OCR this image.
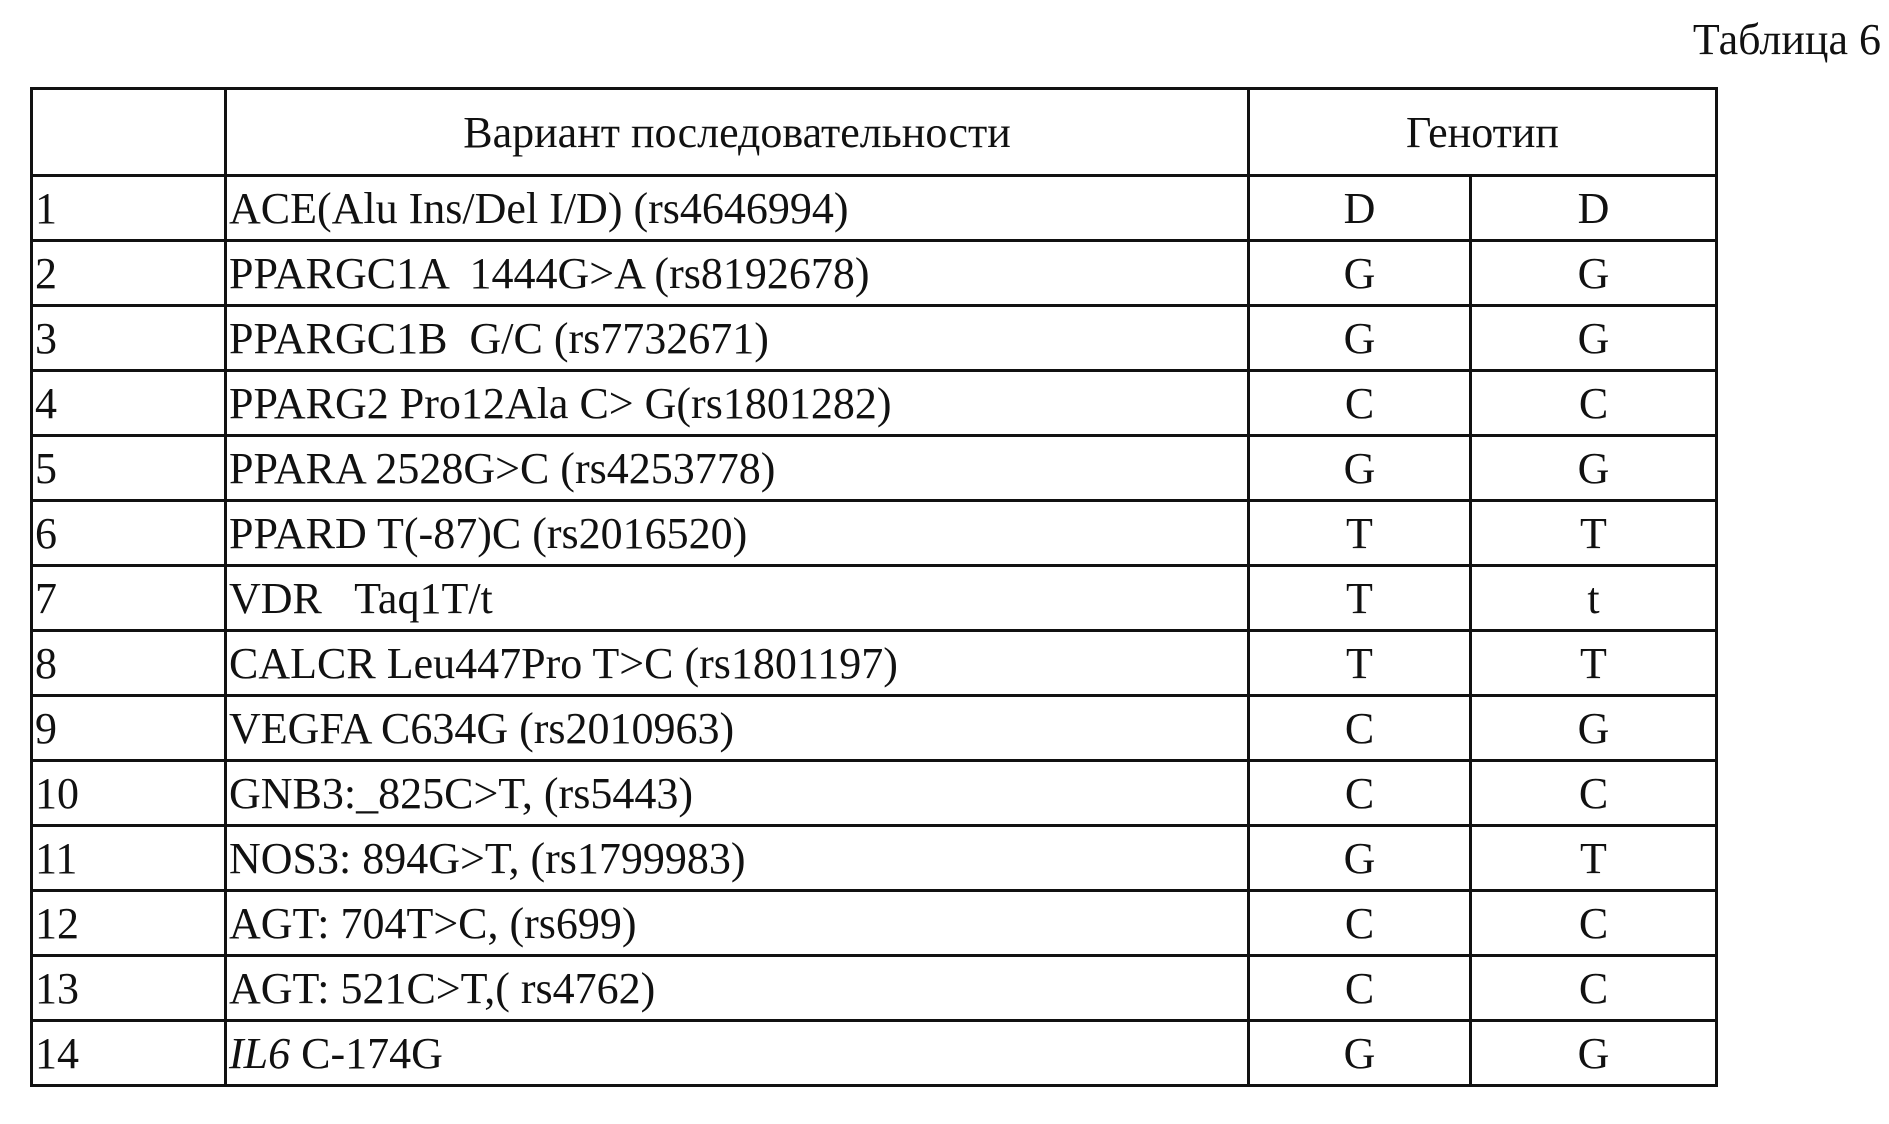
Таблица 6
	Вариант последовательности	Генотип	
1	ACE(Alu Ins/Del I/D) (rs4646994)	D	D
2	PPARGC1A  1444G>A (rs8192678)	G	G
3	PPARGC1B  G/C (rs7732671)	G	G
4	PPARG2 Pro12Ala C> G(rs1801282)	C	C
5	PPARA 2528G>C (rs4253778)	G	G
6	PPARD T(-87)C (rs2016520)	T	T
7	VDR   Taq1T/t	T	t
8	CALCR Leu447Pro T>C (rs1801197)	T	T
9	VEGFA C634G (rs2010963)	C	G
10	GNB3:_825C>T, (rs5443)	C	C
11	NOS3: 894G>T, (rs1799983)	G	T
12	AGT: 704T>C, (rs699)	C	C
13	AGT: 521C>T,( rs4762)	C	C
14	IL6 C-174G	G	G
